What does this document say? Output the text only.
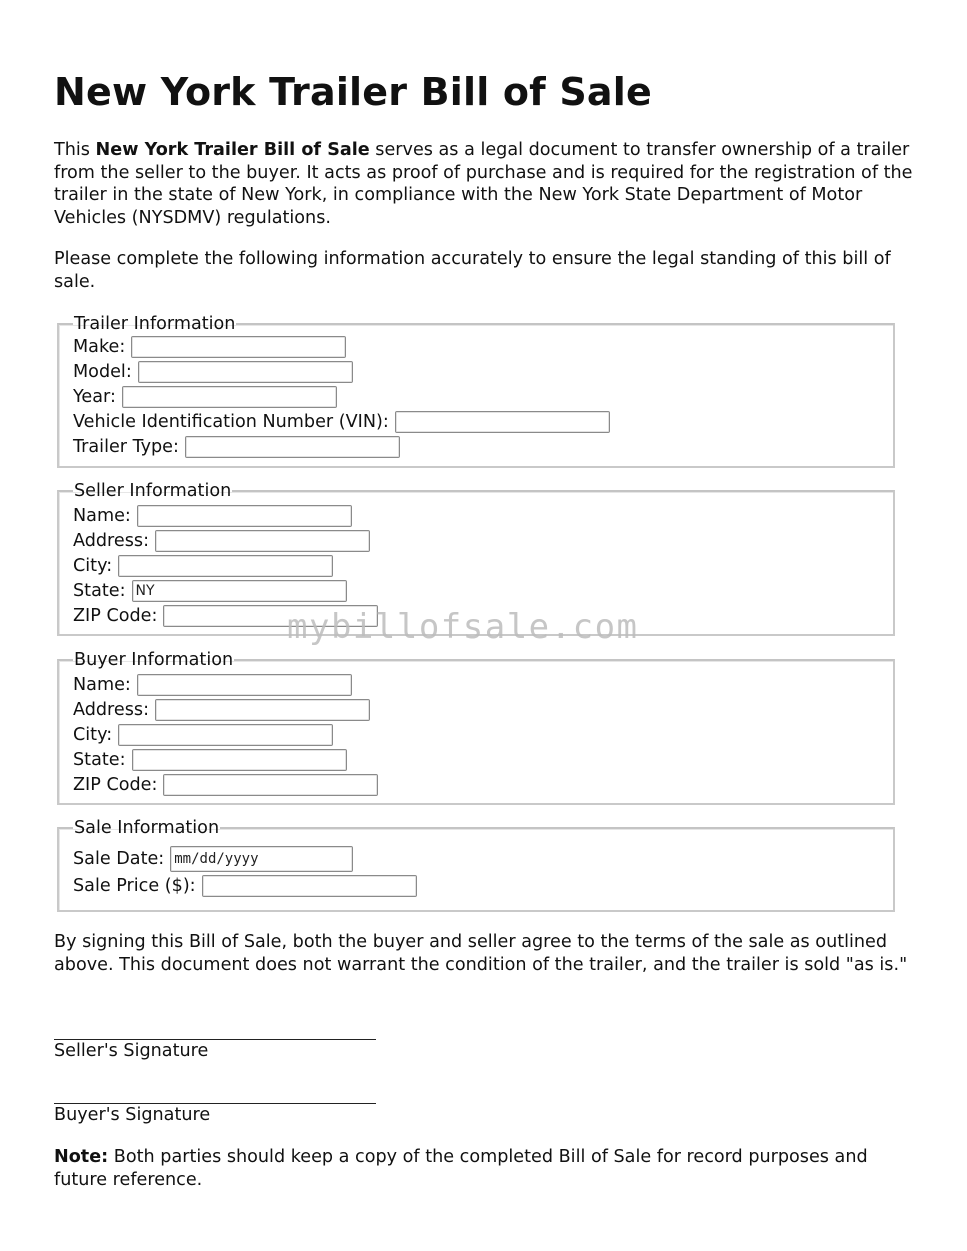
New York Trailer Bill of Sale

This New York Trailer Bill of Sale serves as a legal document to transfer ownership of a trailer from the seller to the buyer. It acts as proof of purchase and is required for the registration of the trailer in the state of New York, in compliance with the New York State Department of Motor Vehicles (NYSDMV) regulations.

Please complete the following information accurately to ensure the legal standing of this bill of sale.

Trailer Information
Make:
Model:
Year:
Vehicle Identification Number (VIN):
Trailer Type:
Seller Information
Name:
Address:
City:
State: NY
ZIP Code:
Buyer Information
Name:
Address:
City:
State:
ZIP Code:
Sale Information
Sale Date: mm/dd/yyyy
Sale Price ($):

By signing this Bill of Sale, both the buyer and seller agree to the terms of the sale as outlined above. This document does not warrant the condition of the trailer, and the trailer is sold "as is."

Seller's Signature
Buyer's Signature

Note: Both parties should keep a copy of the completed Bill of Sale for record purposes and future reference.

mybillofsale.com
